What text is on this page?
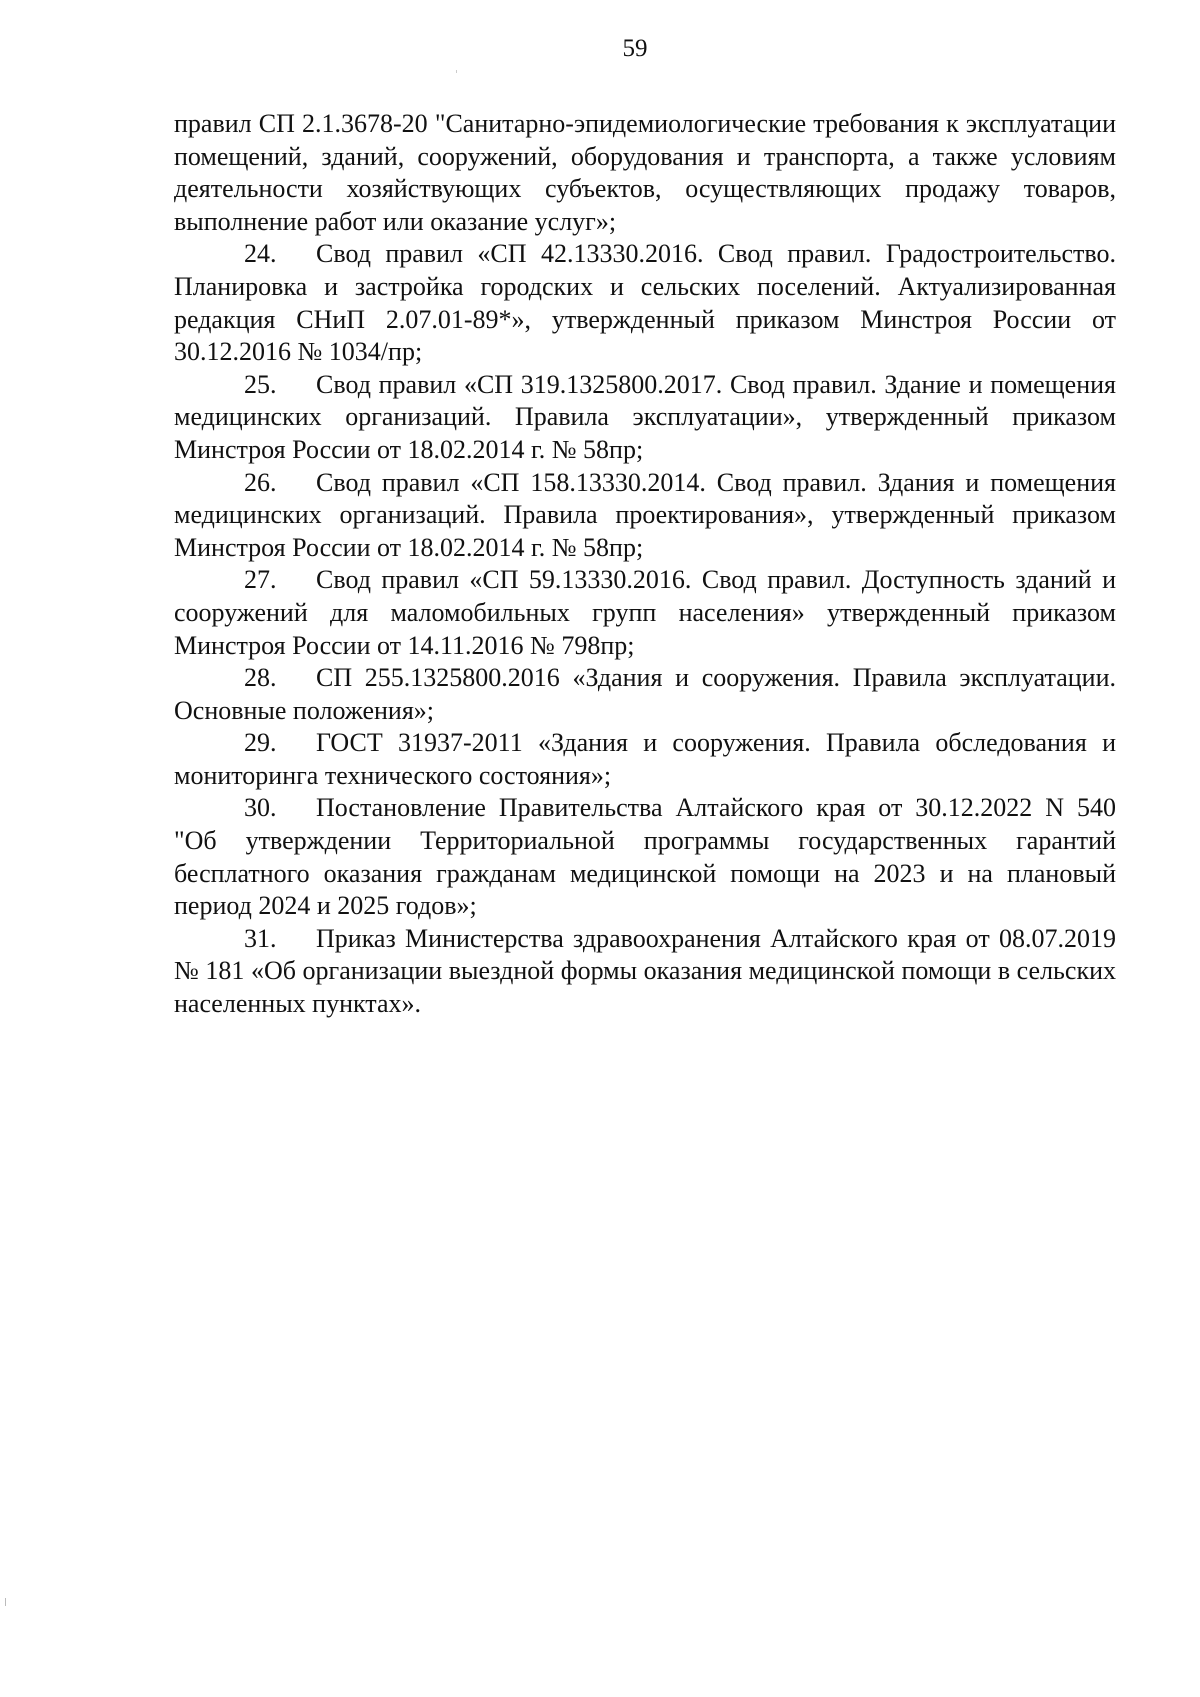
59

правил СП 2.1.3678-20 "Санитарно-эпидемиологические требования к эксплуатации помещений, зданий, сооружений, оборудования и транспорта, а также условиям деятельности хозяйствующих субъектов, осуществляющих продажу товаров, выполнение работ или оказание услуг»;

24. Свод правил «СП 42.13330.2016. Свод правил. Градостроительство. Планировка и застройка городских и сельских поселений. Актуализированная редакция СНиП 2.07.01-89*», утвержденный приказом Минстроя России от 30.12.2016 № 1034/пр;

25. Свод правил «СП 319.1325800.2017. Свод правил. Здание и помещения медицинских организаций. Правила эксплуатации», утвержденный приказом Минстроя России от 18.02.2014 г. № 58пр;

26. Свод правил «СП 158.13330.2014. Свод правил. Здания и помещения медицинских организаций. Правила проектирования», утвержденный приказом Минстроя России от 18.02.2014 г. № 58пр;

27. Свод правил «СП 59.13330.2016. Свод правил. Доступность зданий и сооружений для маломобильных групп населения» утвержденный приказом Минстроя России от 14.11.2016 № 798пр;

28. СП 255.1325800.2016 «Здания и сооружения. Правила эксплуатации. Основные положения»;

29. ГОСТ 31937-2011 «Здания и сооружения. Правила обследования и мониторинга технического состояния»;

30. Постановление Правительства Алтайского края от 30.12.2022 N 540 "Об утверждении Территориальной программы государственных гарантий бесплатного оказания гражданам медицинской помощи на 2023 и на плановый период 2024 и 2025 годов»;

31. Приказ Министерства здравоохранения Алтайского края от 08.07.2019 № 181 «Об организации выездной формы оказания медицинской помощи в сельских населенных пунктах».
